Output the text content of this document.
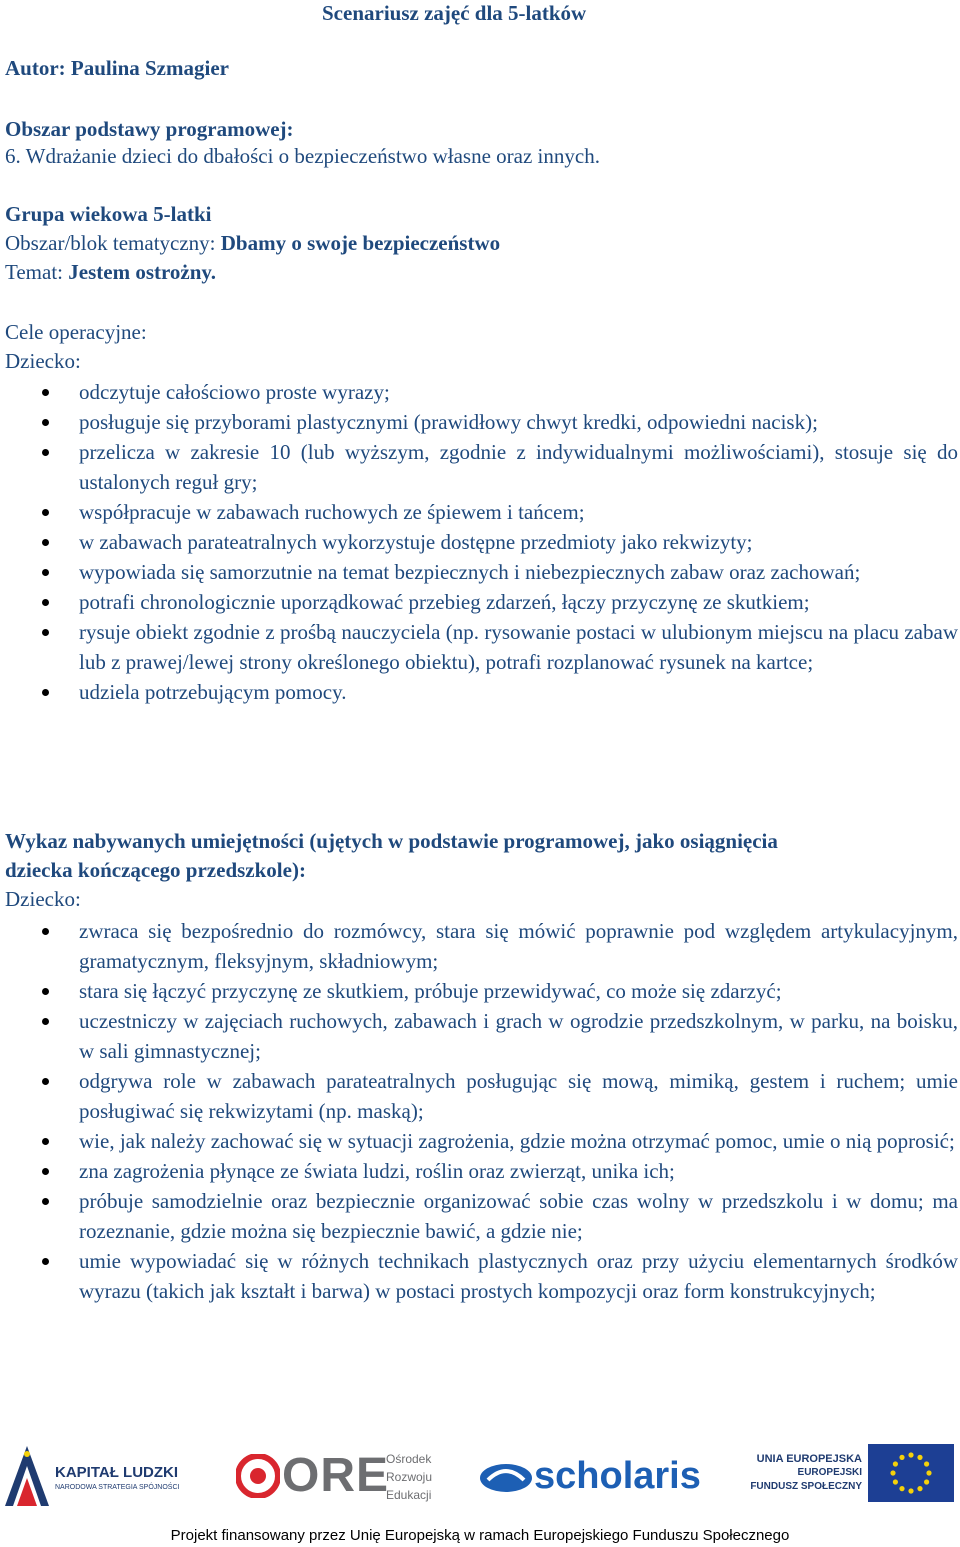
Scenariusz zajęć dla 5-latków
Autor: Paulina Szmagier
Obszar podstawy programowej:
6. Wdrażanie dzieci do dbałości o bezpieczeństwo własne oraz innych.
Grupa wiekowa 5-latki
Obszar/blok tematyczny: Dbamy o swoje bezpieczeństwo
Temat: Jestem ostrożny.
Cele operacyjne:
Dziecko:
odczytuje całościowo proste wyrazy;
posługuje się przyborami plastycznymi (prawidłowy chwyt kredki, odpowiedni nacisk);
przelicza w zakresie 10 (lub wyższym, zgodnie z indywidualnymi możliwościami), stosuje się do ustalonych reguł gry;
współpracuje w zabawach ruchowych ze śpiewem i tańcem;
w zabawach parateatralnych wykorzystuje dostępne przedmioty jako rekwizyty;
wypowiada się samorzutnie na temat bezpiecznych i niebezpiecznych zabaw oraz zachowań;
potrafi chronologicznie uporządkować przebieg zdarzeń, łączy przyczynę ze skutkiem;
rysuje obiekt zgodnie z prośbą nauczyciela (np. rysowanie postaci w ulubionym miejscu na placu zabaw lub z prawej/lewej strony określonego obiektu), potrafi rozplanować rysunek na kartce;
udziela potrzebującym pomocy.
Wykaz nabywanych umiejętności (ujętych w podstawie programowej, jako osiągnięcia
dziecka kończącego przedszkole):
Dziecko:
zwraca się bezpośrednio do rozmówcy, stara się mówić poprawnie pod względem artykulacyjnym, gramatycznym, fleksyjnym, składniowym;
stara się łączyć przyczynę ze skutkiem, próbuje przewidywać, co może się zdarzyć;
uczestniczy w zajęciach ruchowych, zabawach i grach w ogrodzie przedszkolnym, w parku, na boisku, w sali gimnastycznej;
odgrywa role w zabawach parateatralnych posługując się mową, mimiką, gestem i ruchem; umie posługiwać się rekwizytami (np. maską);
wie, jak należy zachować się w sytuacji zagrożenia, gdzie można otrzymać pomoc, umie o nią poprosić;
zna zagrożenia płynące ze świata ludzi, roślin oraz zwierząt, unika ich;
próbuje samodzielnie oraz bezpiecznie organizować sobie czas wolny w przedszkolu i w domu; ma rozeznanie, gdzie można się bezpiecznie bawić, a gdzie nie;
umie wypowiadać się w różnych technikach plastycznych oraz przy użyciu elementarnych środków wyrazu (takich jak kształt i barwa) w postaci prostych kompozycji oraz form konstrukcyjnych;
KAPITAŁ LUDZKI
NARODOWA STRATEGIA SPÓJNOŚCI ORE
Ośrodek
Rozwoju
Edukacji	scholaris	UNIA EUROPEJSKA
EUROPEJSKI
FUNDUSZ SPOŁECZNY
Projekt finansowany przez Unię Europejską w ramach Europejskiego Funduszu Społecznego
